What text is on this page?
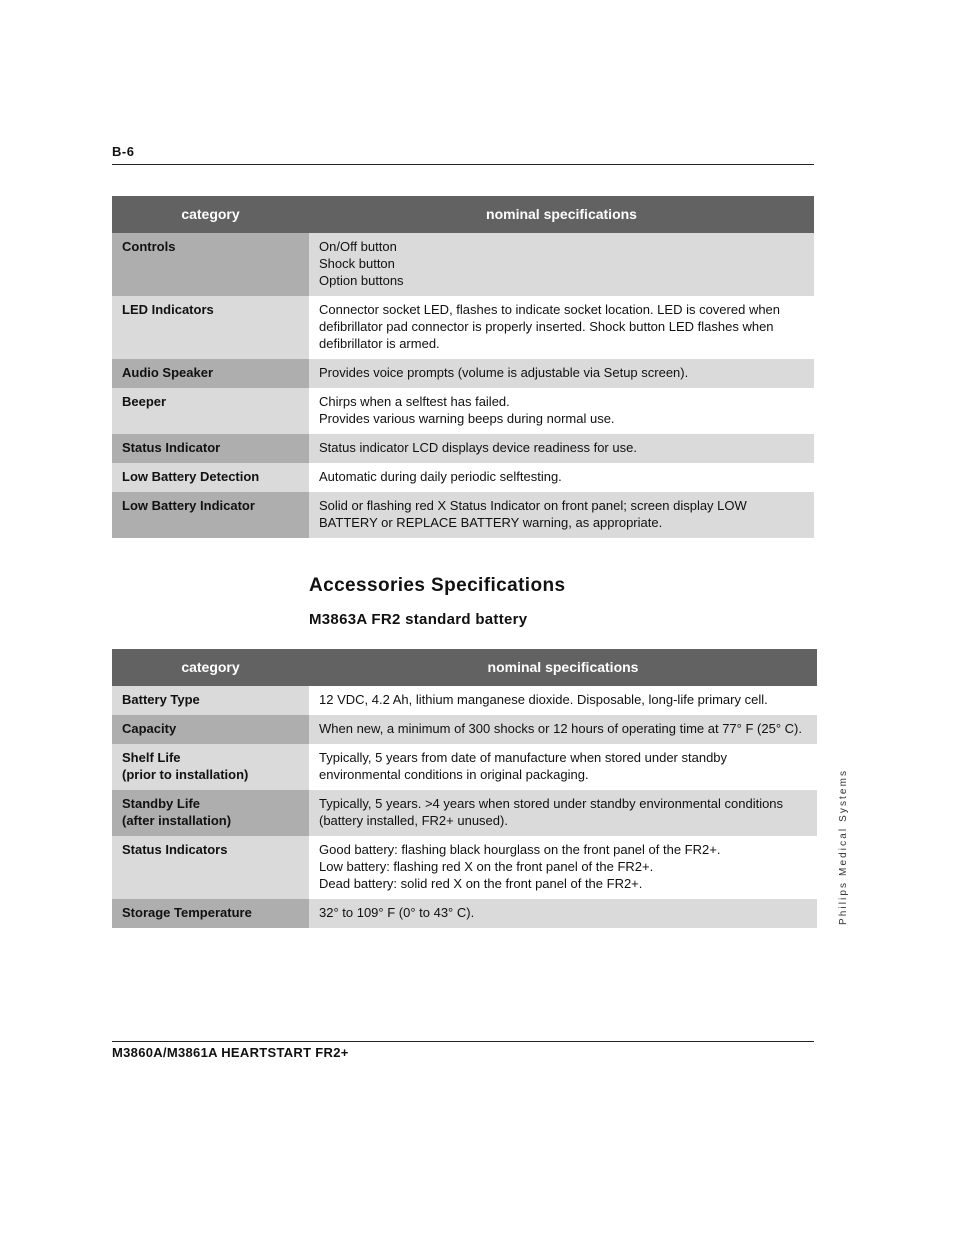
B-6
category	nominal specifications
Controls	On/Off button
Shock button
Option buttons

LED Indicators	Connector socket LED, flashes to indicate socket location. LED is covered when defibrillator pad connector is properly inserted. Shock button LED flashes when defibrillator is armed.

Audio Speaker	Provides voice prompts (volume is adjustable via Setup screen).

Beeper	Chirps when a selftest has failed.
Provides various warning beeps during normal use.

Status Indicator	Status indicator LCD displays device readiness for use.

Low Battery Detection	Automatic during daily periodic selftesting.

Low Battery Indicator	Solid or flashing red X Status Indicator on front panel; screen display LOW BATTERY or REPLACE BATTERY warning, as appropriate.
Accessories Specifications
M3863A FR2 standard battery
category	nominal specifications

Battery Type	12 VDC, 4.2 Ah, lithium manganese dioxide. Disposable, long-life primary cell.

Capacity	When new, a minimum of 300 shocks or 12 hours of operating time at 77° F (25° C).

Shelf Life
(prior to installation)	Typically, 5 years from date of manufacture when stored under standby environmental conditions in original packaging.

Standby Life
(after installation)	Typically, 5 years. >4 years when stored under standby environmental conditions (battery installed, FR2+ unused).

Status Indicators	Good battery: flashing black hourglass on the front panel of the FR2+.
Low battery: flashing red X on the front panel of the FR2+.
Dead battery: solid red X on the front panel of the FR2+.

Storage Temperature	32° to 109° F (0° to 43° C).	Philips Medical Systems
M3860A/M3861A HEARTSTART FR2+
